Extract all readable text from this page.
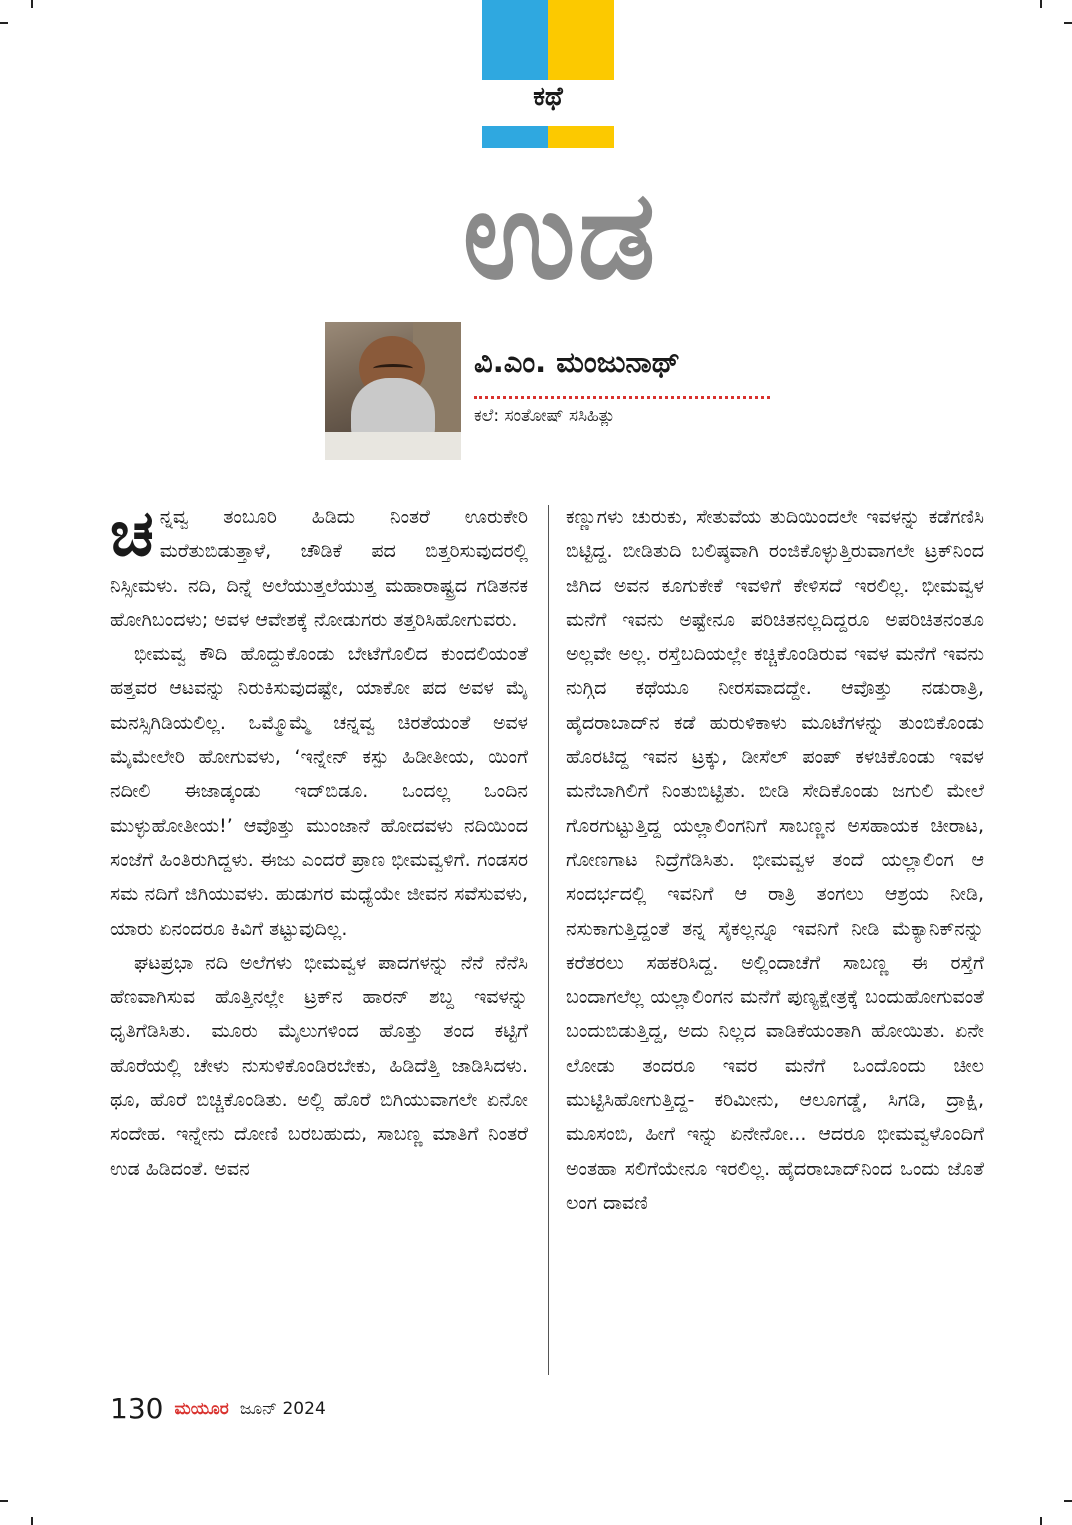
ಕಥೆ
ಉಡ
ವಿ.ಎಂ. ಮಂಜುನಾಥ್
ಕಲೆ: ಸಂತೋಷ್ ಸಸಿಹಿತ್ಲು

ಚನ್ನವ್ವ ತಂಬೂರಿ ಹಿಡಿದು ನಿಂತರೆ ಊರುಕೇರಿ ಮರೆತುಬಿಡುತ್ತಾಳೆ, ಚೌಡಿಕೆ ಪದ ಬಿತ್ತರಿಸುವುದರಲ್ಲಿ ನಿಸ್ಸೀಮಳು. ನದಿ, ದಿನ್ನೆ ಅಲೆಯುತ್ತಲೆಯುತ್ತ ಮಹಾರಾಷ್ಟ್ರದ ಗಡಿತನಕ ಹೋಗಿಬಂದಳು; ಅವಳ ಆವೇಶಕ್ಕೆ ನೋಡುಗರು ತತ್ತರಿಸಿಹೋಗುವರು.

ಭೀಮವ್ವ ಕೌದಿ ಹೊದ್ದುಕೊಂಡು ಬೇಟೆಗೊಲಿದ ಕುಂದಲಿಯಂತೆ ಹತ್ತವರ ಆಟವನ್ನು ನಿರುಕಿಸುವುದಷ್ಟೇ, ಯಾಕೋ ಪದ ಅವಳ ಮೈ ಮನಸ್ಸಿಗಿಡಿಯಲಿಲ್ಲ. ಒಮ್ಮೊಮ್ಮೆ ಚನ್ನವ್ವ ಚಿರತೆಯಂತೆ ಅವಳ ಮೈಮೇಲೇರಿ ಹೋಗುವಳು, ‘ಇನ್ನೇನ್ ಕಸ್ಪು ಹಿಡೀತೀಯ, ಯಿಂಗೆ ನದೀಲಿ ಈಜಾಡ್ಕಂಡು ಇದ್‌ಬಿಡೂ. ಒಂದಲ್ಲ ಒಂದಿನ ಮುಳ್ಳುಹೋತೀಯ!’ ಆವೊತ್ತು ಮುಂಜಾನೆ ಹೋದವಳು ನದಿಯಿಂದ ಸಂಜೆಗೆ ಹಿಂತಿರುಗಿದ್ದಳು. ಈಜು ಎಂದರೆ ಪ್ರಾಣ ಭೀಮವ್ವಳಿಗೆ. ಗಂಡಸರ ಸಮ ನದಿಗೆ ಜಿಗಿಯುವಳು. ಹುಡುಗರ ಮಧ್ಯೆಯೇ ಜೀವನ ಸವೆಸುವಳು, ಯಾರು ಏನಂದರೂ ಕಿವಿಗೆ ತಟ್ಟುವುದಿಲ್ಲ.

ಘಟಪ್ರಭಾ ನದಿ ಅಲೆಗಳು ಭೀಮವ್ವಳ ಪಾದಗಳನ್ನು ನೆನೆ ನೆನೆಸಿ ಹೆಣವಾಗಿಸುವ ಹೊತ್ತಿನಲ್ಲೇ ಟ್ರಕ್‌ನ ಹಾರನ್ ಶಬ್ದ ಇವಳನ್ನು ಧೃತಿಗೆಡಿಸಿತು. ಮೂರು ಮೈಲುಗಳಿಂದ ಹೊತ್ತು ತಂದ ಕಟ್ಟಿಗೆ ಹೊರೆಯಲ್ಲಿ ಚೇಳು ನುಸುಳಿಕೊಂಡಿರಬೇಕು, ಹಿಡಿದೆತ್ತಿ ಜಾಡಿಸಿದಳು. ಥೂ, ಹೊರೆ ಬಿಚ್ಚಿಕೊಂಡಿತು. ಅಲ್ಲಿ ಹೊರೆ ಬಿಗಿಯುವಾಗಲೇ ಏನೋ ಸಂದೇಹ. ಇನ್ನೇನು ದೋಣಿ ಬರಬಹುದು, ಸಾಬಣ್ಣ ಮಾತಿಗೆ ನಿಂತರೆ ಉಡ ಹಿಡಿದಂತೆ. ಅವನ

ಕಣ್ಣುಗಳು ಚುರುಕು, ಸೇತುವೆಯ ತುದಿಯಿಂದಲೇ ಇವಳನ್ನು ಕಡೆಗಣಿಸಿ ಬಿಟ್ಟಿದ್ದ. ಬೀಡಿತುದಿ ಬಲಿಷ್ಠವಾಗಿ ರಂಜಿಕೊಳ್ಳುತ್ತಿರುವಾಗಲೇ ಟ್ರಕ್‌ನಿಂದ ಜಿಗಿದ ಅವನ ಕೂಗುಕೇಕೆ ಇವಳಿಗೆ ಕೇಳಿಸದೆ ಇರಲಿಲ್ಲ. ಭೀಮವ್ವಳ ಮನೆಗೆ ಇವನು ಅಷ್ಟೇನೂ ಪರಿಚಿತನಲ್ಲದಿದ್ದರೂ ಅಪರಿಚಿತನಂತೂ ಅಲ್ಲವೇ ಅಲ್ಲ. ರಸ್ತೆಬದಿಯಲ್ಲೇ ಕಚ್ಚಿಕೊಂಡಿರುವ ಇವಳ ಮನೆಗೆ ಇವನು ನುಗ್ಗಿದ ಕಥೆಯೂ ನೀರಸವಾದದ್ದೇ. ಆವೊತ್ತು ನಡುರಾತ್ರಿ, ಹೈದರಾಬಾದ್‌ನ ಕಡೆ ಹುರುಳಿಕಾಳು ಮೂಟೆಗಳನ್ನು ತುಂಬಿಕೊಂಡು ಹೊರಟಿದ್ದ ಇವನ ಟ್ರಕ್ಕು, ಡೀಸೆಲ್ ಪಂಪ್ ಕಳಚಿಕೊಂಡು ಇವಳ ಮನೆಬಾಗಿಲಿಗೆ ನಿಂತುಬಿಟ್ಟಿತು. ಬೀಡಿ ಸೇದಿಕೊಂಡು ಜಗುಲಿ ಮೇಲೆ ಗೊರಗುಟ್ಟುತ್ತಿದ್ದ ಯಲ್ಲಾಲಿಂಗನಿಗೆ ಸಾಬಣ್ಣನ ಅಸಹಾಯಕ ಚೀರಾಟ, ಗೋಣಗಾಟ ನಿದ್ರೆಗೆಡಿಸಿತು. ಭೀಮವ್ವಳ ತಂದೆ ಯಲ್ಲಾಲಿಂಗ ಆ ಸಂದರ್ಭದಲ್ಲಿ ಇವನಿಗೆ ಆ ರಾತ್ರಿ ತಂಗಲು ಆಶ್ರಯ ನೀಡಿ, ನಸುಕಾಗುತ್ತಿದ್ದಂತೆ ತನ್ನ ಸೈಕಲ್ಲನ್ನೂ ಇವನಿಗೆ ನೀಡಿ ಮೆಕ್ಯಾನಿಕ್‌ನನ್ನು ಕರೆತರಲು ಸಹಕರಿಸಿದ್ದ. ಅಲ್ಲಿಂದಾಚೆಗೆ ಸಾಬಣ್ಣ ಈ ರಸ್ತೆಗೆ ಬಂದಾಗಲೆಲ್ಲ ಯಲ್ಲಾಲಿಂಗನ ಮನೆಗೆ ಪುಣ್ಯಕ್ಷೇತ್ರಕ್ಕೆ ಬಂದುಹೋಗುವಂತೆ ಬಂದುಬಿಡುತ್ತಿದ್ದ, ಅದು ನಿಲ್ಲದ ವಾಡಿಕೆಯಂತಾಗಿ ಹೋಯಿತು. ಏನೇ ಲೋಡು ತಂದರೂ ಇವರ ಮನೆಗೆ ಒಂದೊಂದು ಚೀಲ ಮುಟ್ಟಿಸಿಹೋಗುತ್ತಿದ್ದ- ಕರಿಮೀನು, ಆಲೂಗಡ್ಡೆ, ಸಿಗಡಿ, ದ್ರಾಕ್ಷಿ, ಮೂಸಂಬಿ, ಹೀಗೆ ಇನ್ನು ಏನೇನೋ... ಆದರೂ ಭೀಮವ್ವಳೊಂದಿಗೆ ಅಂತಹಾ ಸಲಿಗೆಯೇನೂ ಇರಲಿಲ್ಲ. ಹೈದರಾಬಾದ್‌ನಿಂದ ಒಂದು ಜೊತೆ ಲಂಗ ದಾವಣಿ

130 ಮಯೂರ ಜೂನ್ 2024
